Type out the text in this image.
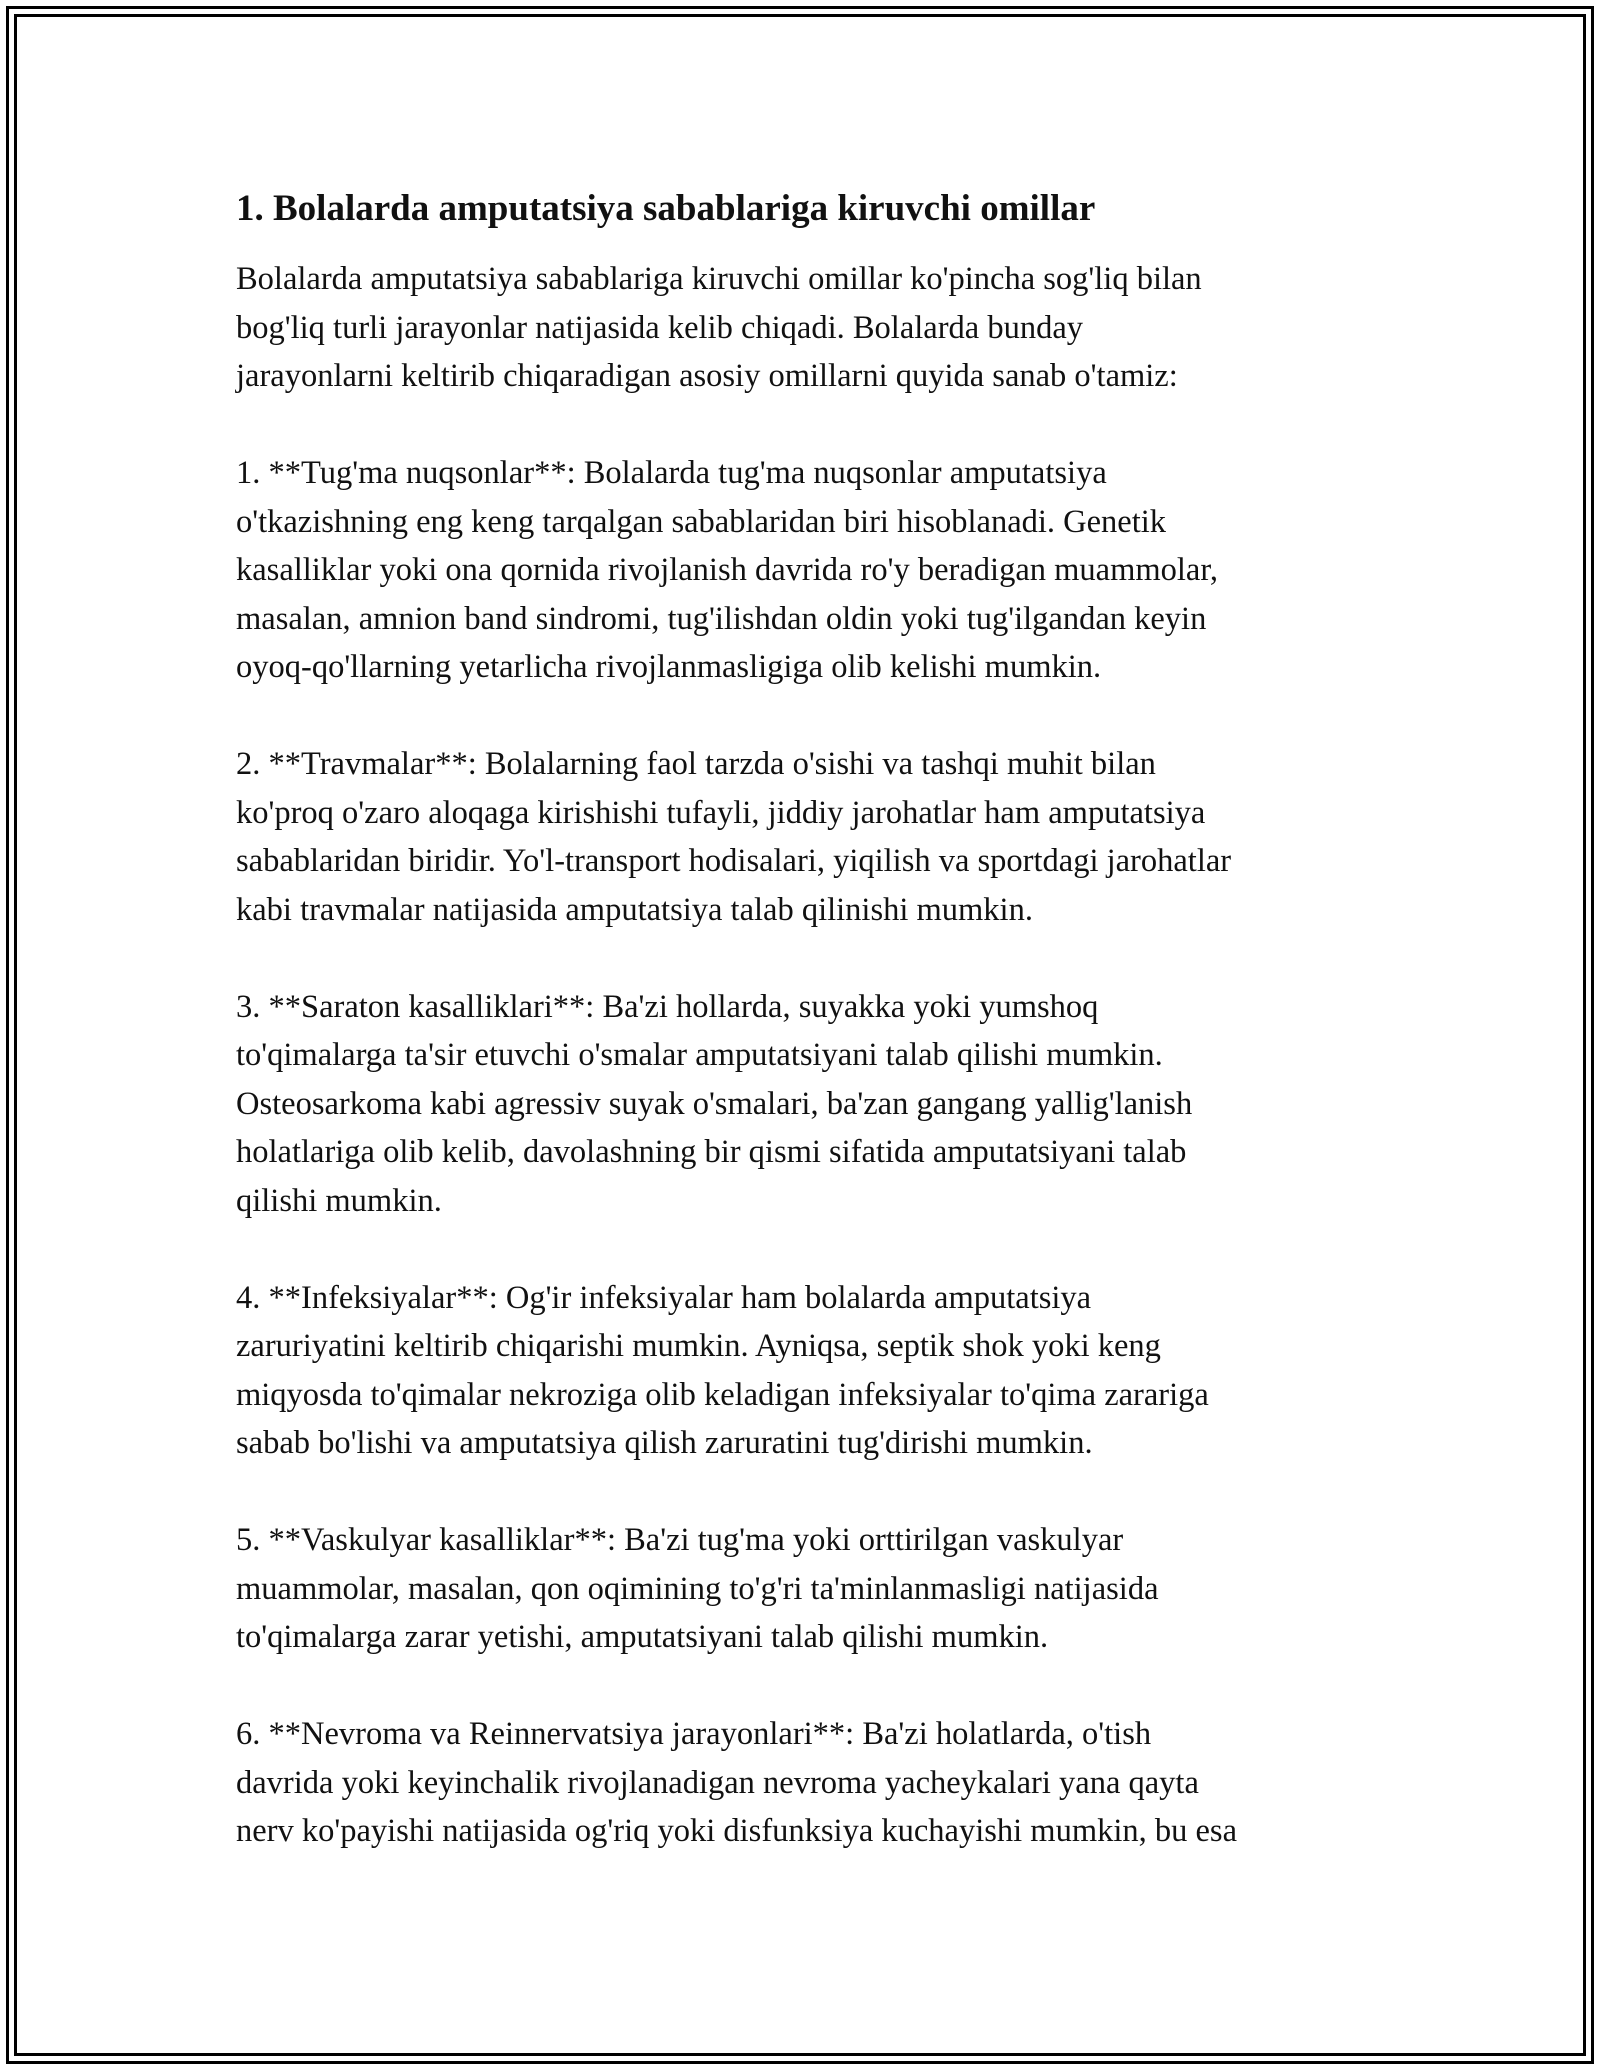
1. Bolalarda amputatsiya sabablariga kiruvchi omillar
Bolalarda amputatsiya sabablariga kiruvchi omillar ko'pincha sog'liq bilan
bog'liq turli jarayonlar natijasida kelib chiqadi. Bolalarda bunday
jarayonlarni keltirib chiqaradigan asosiy omillarni quyida sanab o'tamiz:
1. **Tug'ma nuqsonlar**: Bolalarda tug'ma nuqsonlar amputatsiya
o'tkazishning eng keng tarqalgan sabablaridan biri hisoblanadi. Genetik
kasalliklar yoki ona qornida rivojlanish davrida ro'y beradigan muammolar,
masalan, amnion band sindromi, tug'ilishdan oldin yoki tug'ilgandan keyin
oyoq-qo'llarning yetarlicha rivojlanmasligiga olib kelishi mumkin.
2. **Travmalar**: Bolalarning faol tarzda o'sishi va tashqi muhit bilan
ko'proq o'zaro aloqaga kirishishi tufayli, jiddiy jarohatlar ham amputatsiya
sabablaridan biridir. Yo'l-transport hodisalari, yiqilish va sportdagi jarohatlar
kabi travmalar natijasida amputatsiya talab qilinishi mumkin.
3. **Saraton kasalliklari**: Ba'zi hollarda, suyakka yoki yumshoq
to'qimalarga ta'sir etuvchi o'smalar amputatsiyani talab qilishi mumkin.
Osteosarkoma kabi agressiv suyak o'smalari, ba'zan gangang yallig'lanish
holatlariga olib kelib, davolashning bir qismi sifatida amputatsiyani talab
qilishi mumkin.
4. **Infeksiyalar**: Og'ir infeksiyalar ham bolalarda amputatsiya
zaruriyatini keltirib chiqarishi mumkin. Ayniqsa, septik shok yoki keng
miqyosda to'qimalar nekroziga olib keladigan infeksiyalar to'qima zarariga
sabab bo'lishi va amputatsiya qilish zaruratini tug'dirishi mumkin.
5. **Vaskulyar kasalliklar**: Ba'zi tug'ma yoki orttirilgan vaskulyar
muammolar, masalan, qon oqimining to'g'ri ta'minlanmasligi natijasida
to'qimalarga zarar yetishi, amputatsiyani talab qilishi mumkin.
6. **Nevroma va Reinnervatsiya jarayonlari**: Ba'zi holatlarda, o'tish
davrida yoki keyinchalik rivojlanadigan nevroma yacheykalari yana qayta
nerv ko'payishi natijasida og'riq yoki disfunksiya kuchayishi mumkin, bu esa
